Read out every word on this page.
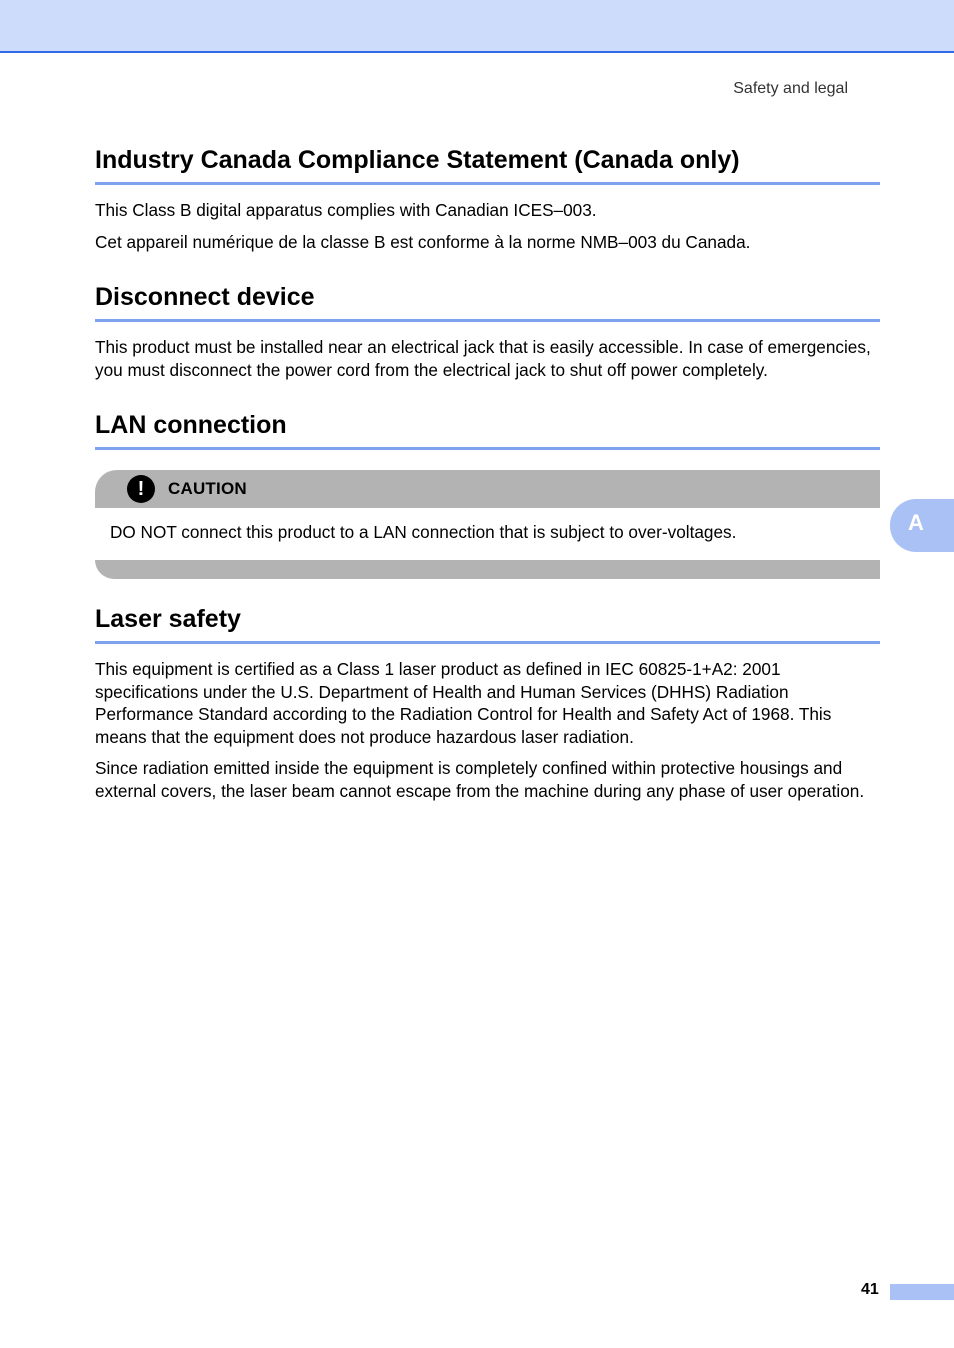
Safety and legal
Industry Canada Compliance Statement (Canada only)

This Class B digital apparatus complies with Canadian ICES–003.

Cet appareil numérique de la classe B est conforme à la norme NMB–003 du Canada.

Disconnect device

This product must be installed near an electrical jack that is easily accessible. In case of emergencies, you must disconnect the power cord from the electrical jack to shut off power completely.

LAN connection
!	CAUTION

DO NOT connect this product to a LAN connection that is subject to over-voltages.

Laser safety

This equipment is certified as a Class 1 laser product as defined in IEC 60825-1+A2: 2001 specifications under the U.S. Department of Health and Human Services (DHHS) Radiation Performance Standard according to the Radiation Control for Health and Safety Act of 1968. This means that the equipment does not produce hazardous laser radiation.

Since radiation emitted inside the equipment is completely confined within protective housings and external covers, the laser beam cannot escape from the machine during any phase of user operation.

A
41
